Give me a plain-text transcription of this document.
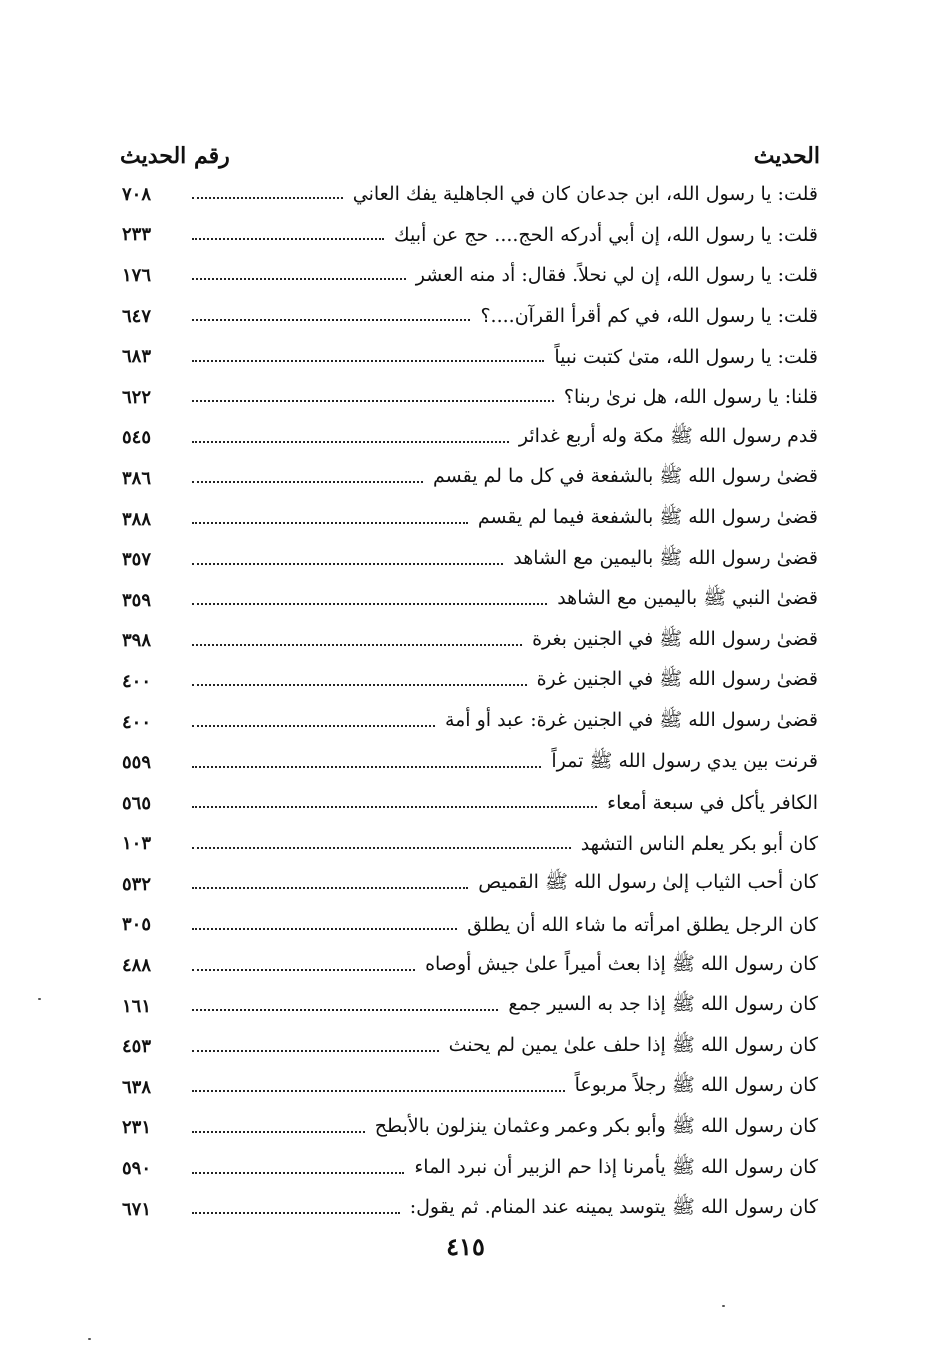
الحديث
رقم الحديث
قلت: يا رسول الله، ابن جدعان كان في الجاهلية يفك العاني
٧٠٨
قلت: يا رسول الله، إن أبي أدركه الحج.... حج عن أبيك
٢٣٣
قلت: يا رسول الله، إن لي نحلاً. فقال: أد منه العشر
١٧٦
قلت: يا رسول الله، في كم أقرأ القرآن....؟
٦٤٧
قلت: يا رسول الله، متىٰ كتبت نبياً
٦٨٣
قلنا: يا رسول الله، هل نرىٰ ربنا؟
٦٢٢
قدم رسول الله ﷺ مكة وله أربع غدائر
٥٤٥
قضىٰ رسول الله ﷺ بالشفعة في كل ما لم يقسم
٣٨٦
قضىٰ رسول الله ﷺ بالشفعة فيما لم يقسم
٣٨٨
قضىٰ رسول الله ﷺ باليمين مع الشاهد
٣٥٧
قضىٰ النبي ﷺ باليمين مع الشاهد
٣٥٩
قضىٰ رسول الله ﷺ في الجنين بغرة
٣٩٨
قضىٰ رسول الله ﷺ في الجنين غرة
٤٠٠
قضىٰ رسول الله ﷺ في الجنين غرة: عبد أو أمة
٤٠٠
قرنت بين يدي رسول الله ﷺ تمراً
٥٥٩
الكافر يأكل في سبعة أمعاء
٥٦٥
كان أبو بكر يعلم الناس التشهد
١٠٣
كان أحب الثياب إلىٰ رسول الله ﷺ القميص
٥٣٢
كان الرجل يطلق امرأته ما شاء الله أن يطلق
٣٠٥
كان رسول الله ﷺ إذا بعث أميراً علىٰ جيش أوصاه
٤٨٨
كان رسول الله ﷺ إذا جد به السير جمع
١٦١
كان رسول الله ﷺ إذا حلف علىٰ يمين لم يحنث
٤٥٣
كان رسول الله ﷺ رجلاً مربوعاً
٦٣٨
كان رسول الله ﷺ وأبو بكر وعمر وعثمان ينزلون بالأبطح
٢٣١
كان رسول الله ﷺ يأمرنا إذا حم الزبير أن نبرد الماء
٥٩٠
كان رسول الله ﷺ يتوسد يمينه عند المنام. ثم يقول:
٦٧١
٤١٥
